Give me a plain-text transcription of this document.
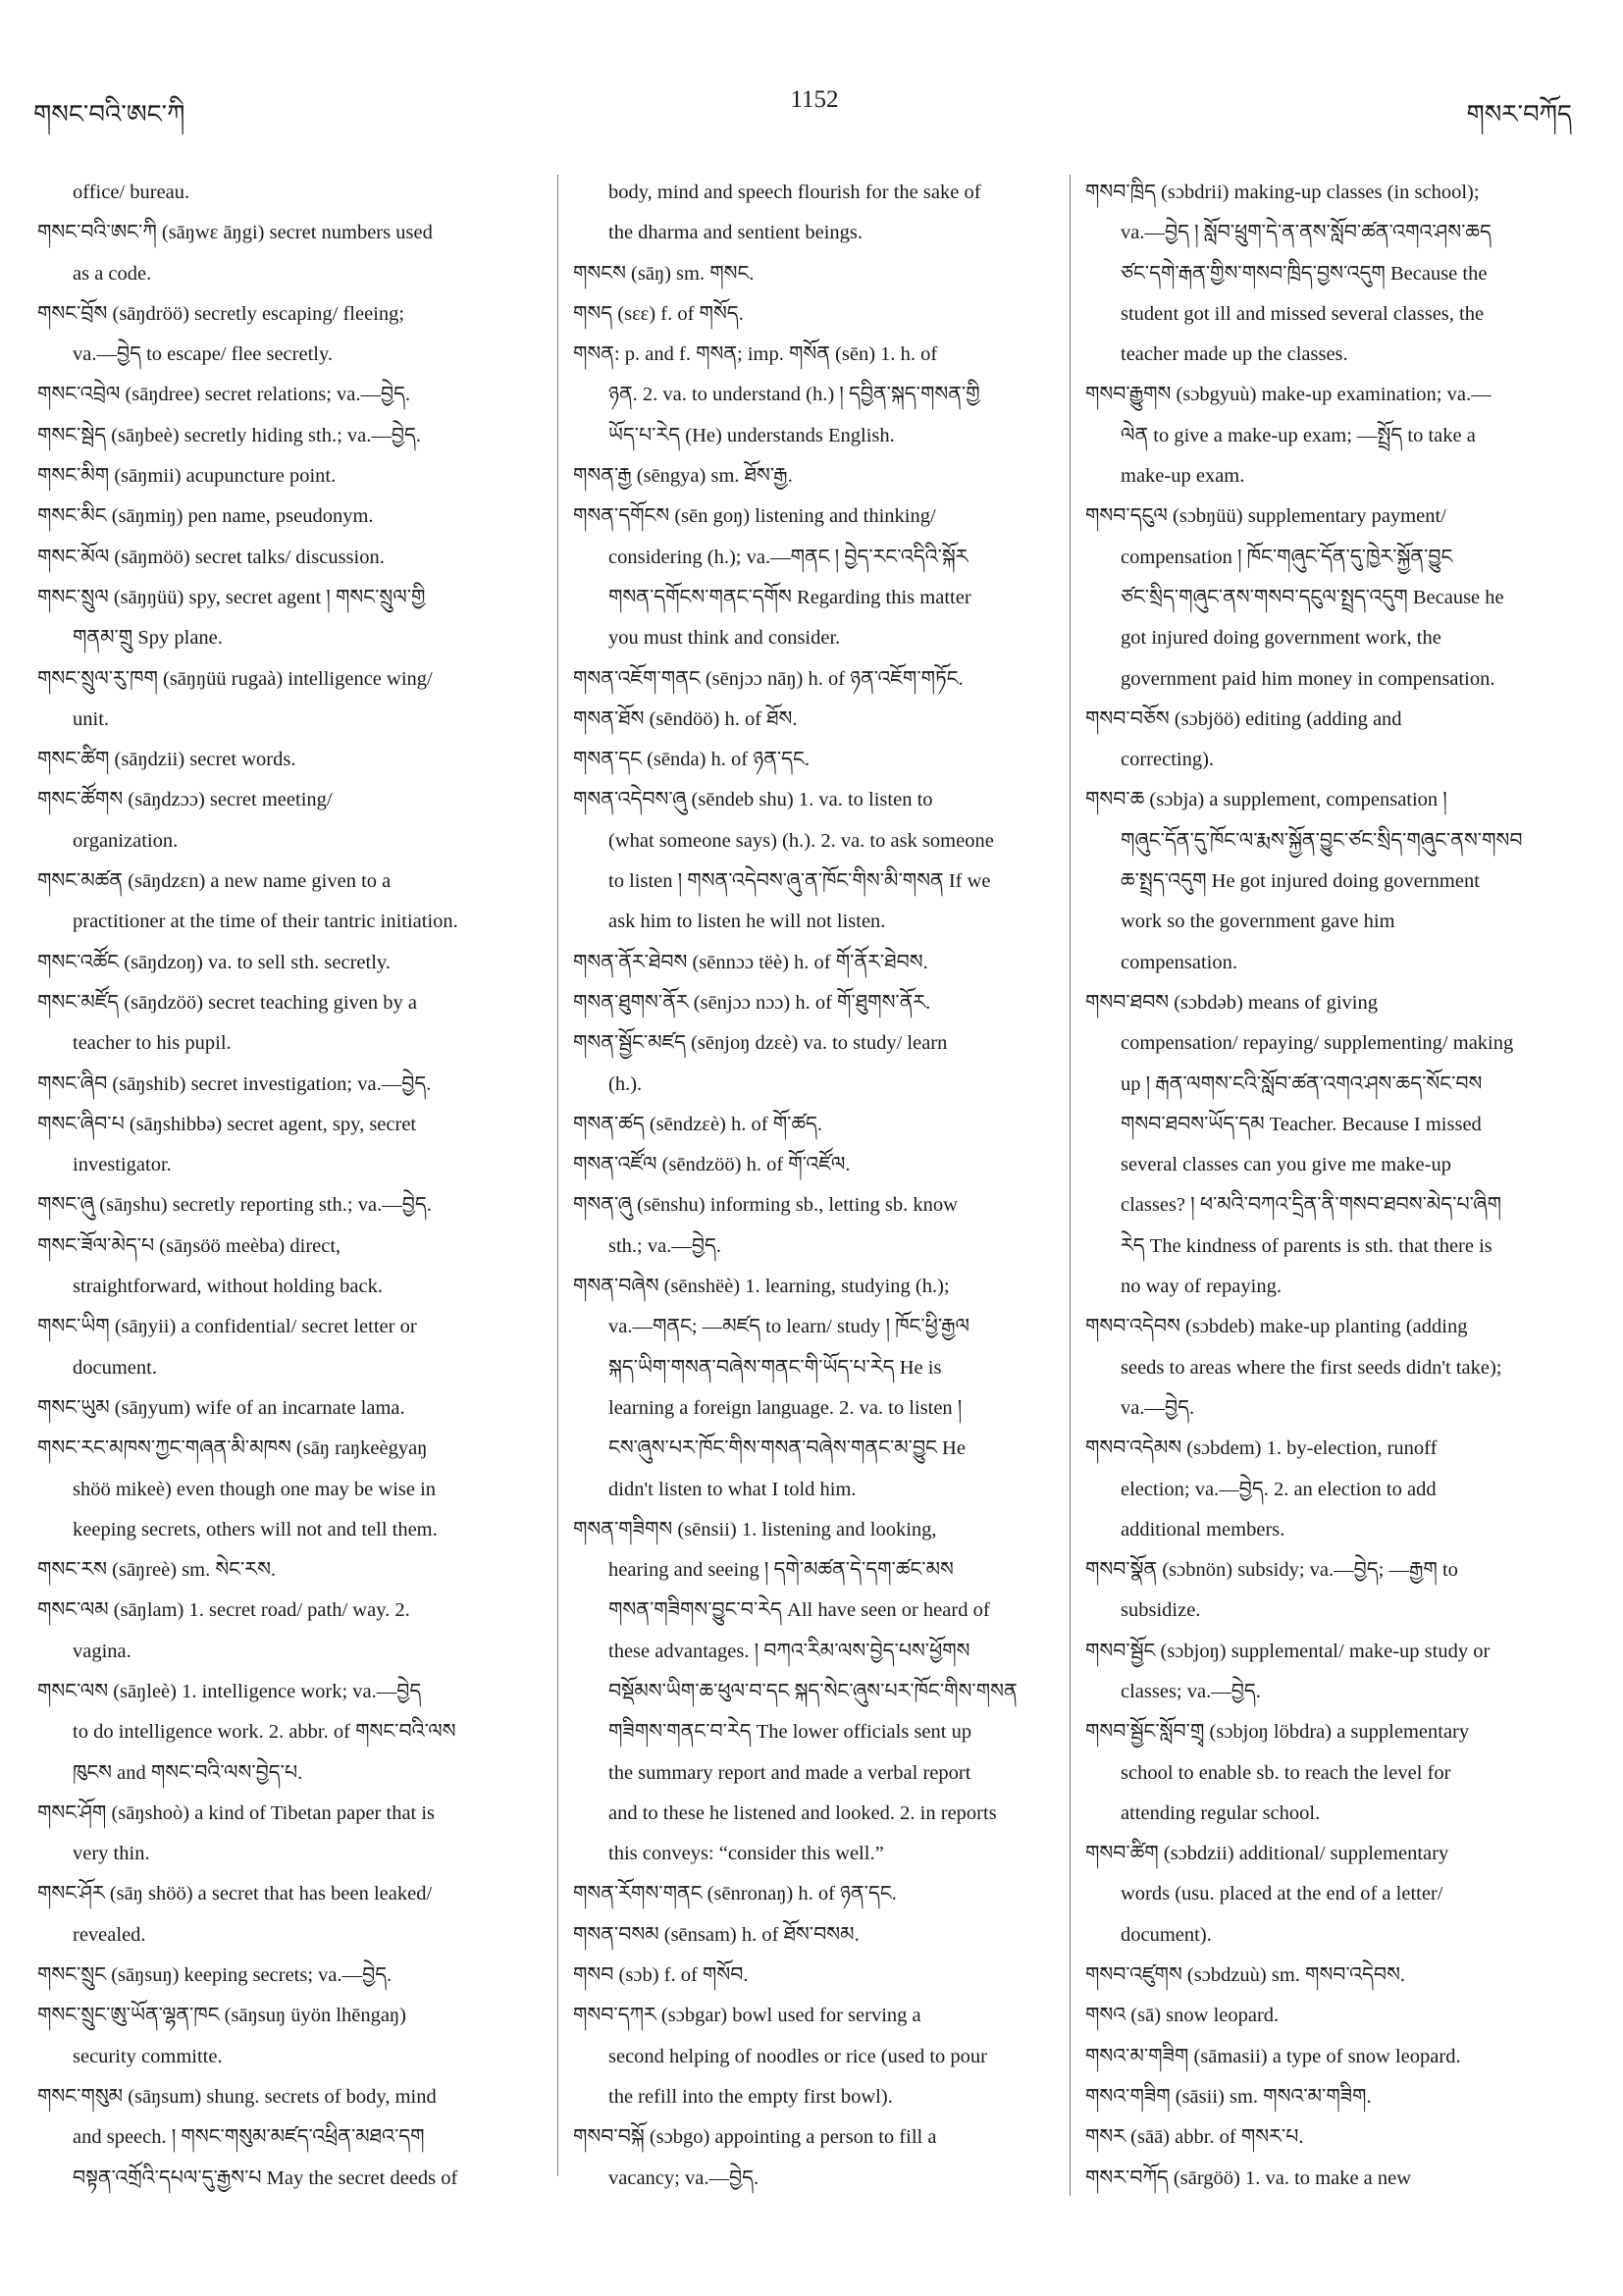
གསང་བའི་ཨང་ཀི
1152
གསར་བཀོད
office/ bureau.
གསང་བའི་ཨང་ཀི (sāŋwɛ āŋgi) secret numbers used
as a code.
གསང་བྲོས (sāŋdröö) secretly escaping/ fleeing;
va.—བྱེད to escape/ flee secretly.
གསང་འབྲེལ (sāŋdree) secret relations; va.—བྱེད.
གསང་སྦེད (sāŋbeè) secretly hiding sth.; va.—བྱེད.
གསང་མིག (sāŋmii) acupuncture point.
གསང་མིང (sāŋmiŋ) pen name, pseudonym.
གསང་མོལ (sāŋmöö) secret talks/ discussion.
གསང་སྲུལ (sāŋŋüü) spy, secret agent ། གསང་སྲུལ་གྱི
གནམ་གྲུ Spy plane.
གསང་སྲུལ་རུ་ཁག (sāŋŋüü rugaà) intelligence wing/
unit.
གསང་ཚིག (sāŋdzii) secret words.
གསང་ཚོགས (sāŋdzɔɔ) secret meeting/
organization.
གསང་མཚན (sāŋdzɛn) a new name given to a
practitioner at the time of their tantric initiation.
གསང་འཚོང (sāŋdzoŋ) va. to sell sth. secretly.
གསང་མཛོད (sāŋdzöö) secret teaching given by a
teacher to his pupil.
གསང་ཞིབ (sāŋshib) secret investigation; va.—བྱེད.
གསང་ཞིབ་པ (sāŋshibbə) secret agent, spy, secret
investigator.
གསང་ཞུ (sāŋshu) secretly reporting sth.; va.—བྱེད.
གསང་ཟོལ་མེད་པ (sāŋsöö meèba) direct,
straightforward, without holding back.
གསང་ཡིག (sāŋyii) a confidential/ secret letter or
document.
གསང་ཡུམ (sāŋyum) wife of an incarnate lama.
གསང་རང་མཁས་ཀྱང་གཞན་མི་མཁས (sāŋ raŋkeègyaŋ
shöö mikeè) even though one may be wise in
keeping secrets, others will not and tell them.
གསང་རས (sāŋreè) sm. སེང་རས.
གསང་ལམ (sāŋlam) 1. secret road/ path/ way. 2.
vagina.
གསང་ལས (sāŋleè) 1. intelligence work; va.—བྱེད
to do intelligence work. 2. abbr. of གསང་བའི་ལས
ཁུངས and གསང་བའི་ལས་བྱེད་པ.
གསང་ཤོག (sāŋshoò) a kind of Tibetan paper that is
very thin.
གསང་ཤོར (sāŋ shöö) a secret that has been leaked/
revealed.
གསང་སྲུང (sāŋsuŋ) keeping secrets; va.—བྱེད.
གསང་སྲུང་ཨུ་ཡོན་ལྷན་ཁང (sāŋsuŋ üyön lhēngaŋ)
security committe.
གསང་གསུམ (sāŋsum) shung. secrets of body, mind
and speech. ། གསང་གསུམ་མཛད་འཕྲིན་མཐའ་དག
བསྟན་འགྲོའི་དཔལ་དུ་རྒྱས་པ May the secret deeds of
body, mind and speech flourish for the sake of
the dharma and sentient beings.
གསངས (sāŋ) sm. གསང.
གསད (sɛɛ) f. of གསོད.
གསན: p. and f. གསན; imp. གསོན (sēn) 1. h. of
ཉན. 2. va. to understand (h.) ། དབྱིན་སྐད་གསན་གྱི
ཡོད་པ་རེད (He) understands English.
གསན་རྒྱ (sēngya) sm. ཐོས་རྒྱ.
གསན་དགོངས (sēn goŋ) listening and thinking/
considering (h.); va.—གནང ། བྱེད་རང་འདིའི་སྐོར
གསན་དགོངས་གནང་དགོས Regarding this matter
you must think and consider.
གསན་འཇོག་གནང (sēnjɔɔ nāŋ) h. of ཉན་འཇོག་གཏོང.
གསན་ཐོས (sēndöö) h. of ཐོས.
གསན་དང (sēnda) h. of ཉན་དང.
གསན་འདེབས་ཞུ (sēndeb shu) 1. va. to listen to
(what someone says) (h.). 2. va. to ask someone
to listen ། གསན་འདེབས་ཞུ་ན་ཁོང་གིས་མི་གསན If we
ask him to listen he will not listen.
གསན་ནོར་ཐེབས (sēnnɔɔ tëè) h. of གོ་ནོར་ཐེབས.
གསན་ཐུགས་ནོར (sēnjɔɔ nɔɔ) h. of གོ་ཐུགས་ནོར.
གསན་སྦྱོང་མཛད (sēnjoŋ dzɛè) va. to study/ learn
(h.).
གསན་ཚད (sēndzɛè) h. of གོ་ཚད.
གསན་འཛོལ (sēndzöö) h. of གོ་འཛོལ.
གསན་ཞུ (sēnshu) informing sb., letting sb. know
sth.; va.—བྱེད.
གསན་བཞེས (sēnshëè) 1. learning, studying (h.);
va.—གནང; —མཛད to learn/ study ། ཁོང་ཕྱི་རྒྱལ
སྐད་ཡིག་གསན་བཞེས་གནང་གི་ཡོད་པ་རེད He is
learning a foreign language. 2. va. to listen །
ངས་ཞུས་པར་ཁོང་གིས་གསན་བཞེས་གནང་མ་བྱུང He
didn't listen to what I told him.
གསན་གཟིགས (sēnsii) 1. listening and looking,
hearing and seeing ། དགེ་མཚན་དེ་དག་ཚང་མས
གསན་གཟིགས་བྱུང་བ་རེད All have seen or heard of
these advantages. ། བཀའ་རིམ་ལས་བྱེད་པས་ཕྱོགས
བསྡོམས་ཡིག་ཆ་ཕུལ་བ་དང སྐད་སེང་ཞུས་པར་ཁོང་གིས་གསན
གཟིགས་གནང་བ་རེད The lower officials sent up
the summary report and made a verbal report
and to these he listened and looked. 2. in reports
this conveys: “consider this well.”
གསན་རོགས་གནང (sēnronaŋ) h. of ཉན་དང.
གསན་བསམ (sēnsam) h. of ཐོས་བསམ.
གསབ (sɔb) f. of གསོབ.
གསབ་དཀར (sɔbgar) bowl used for serving a
second helping of noodles or rice (used to pour
the refill into the empty first bowl).
གསབ་བསྐོ (sɔbgo) appointing a person to fill a
vacancy; va.—བྱེད.
གསབ་ཁྲིད (sɔbdrii) making-up classes (in school);
va.—བྱེད ། སློབ་ཕྲུག་དེ་ན་ནས་སློབ་ཚན་འགའ་ཤས་ཆད
ཙང་དགེ་རྒན་གྱིས་གསབ་ཁྲིད་བྱས་འདུག Because the
student got ill and missed several classes, the
teacher made up the classes.
གསབ་རྒྱུགས (sɔbgyuù) make-up examination; va.—
ལེན to give a make-up exam; —སྤྲོད to take a
make-up exam.
གསབ་དངུལ (sɔbŋüü) supplementary payment/
compensation ། ཁོང་གཞུང་དོན་དུ་ཁྱེར་སྐྱོན་བྱུང
ཙང་སྲིད་གཞུང་ནས་གསབ་དངུལ་སྤྲད་འདུག Because he
got injured doing government work, the
government paid him money in compensation.
གསབ་བཅོས (sɔbjöö) editing (adding and
correcting).
གསབ་ཆ (sɔbja) a supplement, compensation །
གཞུང་དོན་དུ་ཁོང་ལ་རྨས་སྐྱོན་བྱུང་ཙང་སྲིད་གཞུང་ནས་གསབ
ཆ་སྤྲད་འདུག He got injured doing government
work so the government gave him
compensation.
གསབ་ཐབས (sɔbdəb) means of giving
compensation/ repaying/ supplementing/ making
up ། རྒན་ལགས་ངའི་སློབ་ཚན་འགའ་ཤས་ཆད་སོང་བས
གསབ་ཐབས་ཡོད་དམ Teacher. Because I missed
several classes can you give me make-up
classes? ། ཕ་མའི་བཀའ་དྲིན་ནི་གསབ་ཐབས་མེད་པ་ཞིག
རེད The kindness of parents is sth. that there is
no way of repaying.
གསབ་འདེབས (sɔbdeb) make-up planting (adding
seeds to areas where the first seeds didn't take);
va.—བྱེད.
གསབ་འདེམས (sɔbdem) 1. by-election, runoff
election; va.—བྱེད. 2. an election to add
additional members.
གསབ་སྣོན (sɔbnön) subsidy; va.—བྱེད; —རྒྱག to
subsidize.
གསབ་སྦྱོང (sɔbjoŋ) supplemental/ make-up study or
classes; va.—བྱེད.
གསབ་སྦྱོང་སློབ་གྲྭ (sɔbjoŋ löbdra) a supplementary
school to enable sb. to reach the level for
attending regular school.
གསབ་ཚིག (sɔbdzii) additional/ supplementary
words (usu. placed at the end of a letter/
document).
གསབ་འཛུགས (sɔbdzuù) sm. གསབ་འདེབས.
གསའ (sā) snow leopard.
གསའ་མ་གཟིག (sāmasii) a type of snow leopard.
གསའ་གཟིག (sāsii) sm. གསའ་མ་གཟིག.
གསར (sāā) abbr. of གསར་པ.
གསར་བཀོད (sārgöö) 1. va. to make a new
